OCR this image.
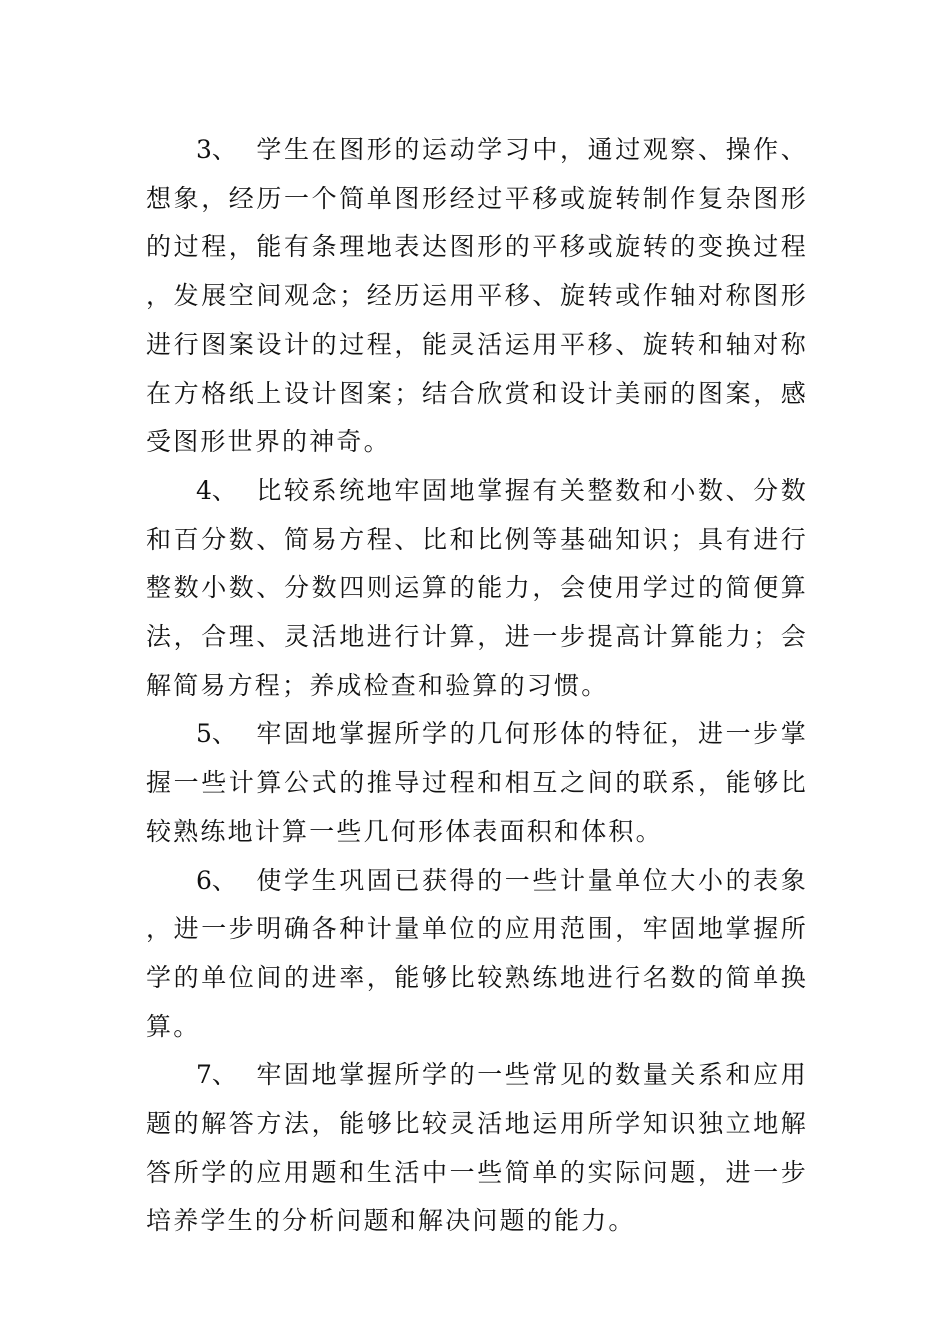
3、 学生在图形的运动学习中，通过观察、操作、想象，经历一个简单图形经过平移或旋转制作复杂图形的过程，能有条理地表达图形的平移或旋转的变换过程，发展空间观念；经历运用平移、旋转或作轴对称图形进行图案设计的过程，能灵活运用平移、旋转和轴对称在方格纸上设计图案；结合欣赏和设计美丽的图案，感受图形世界的神奇。

4、 比较系统地牢固地掌握有关整数和小数、分数和百分数、简易方程、比和比例等基础知识；具有进行整数小数、分数四则运算的能力，会使用学过的简便算法，合理、灵活地进行计算，进一步提高计算能力；会解简易方程；养成检查和验算的习惯。

5、 牢固地掌握所学的几何形体的特征，进一步掌握一些计算公式的推导过程和相互之间的联系，能够比较熟练地计算一些几何形体表面积和体积。

6、 使学生巩固已获得的一些计量单位大小的表象，进一步明确各种计量单位的应用范围，牢固地掌握所学的单位间的进率，能够比较熟练地进行名数的简单换算。

7、 牢固地掌握所学的一些常见的数量关系和应用题的解答方法，能够比较灵活地运用所学知识独立地解答所学的应用题和生活中一些简单的实际问题，进一步培养学生的分析问题和解决问题的能力。
